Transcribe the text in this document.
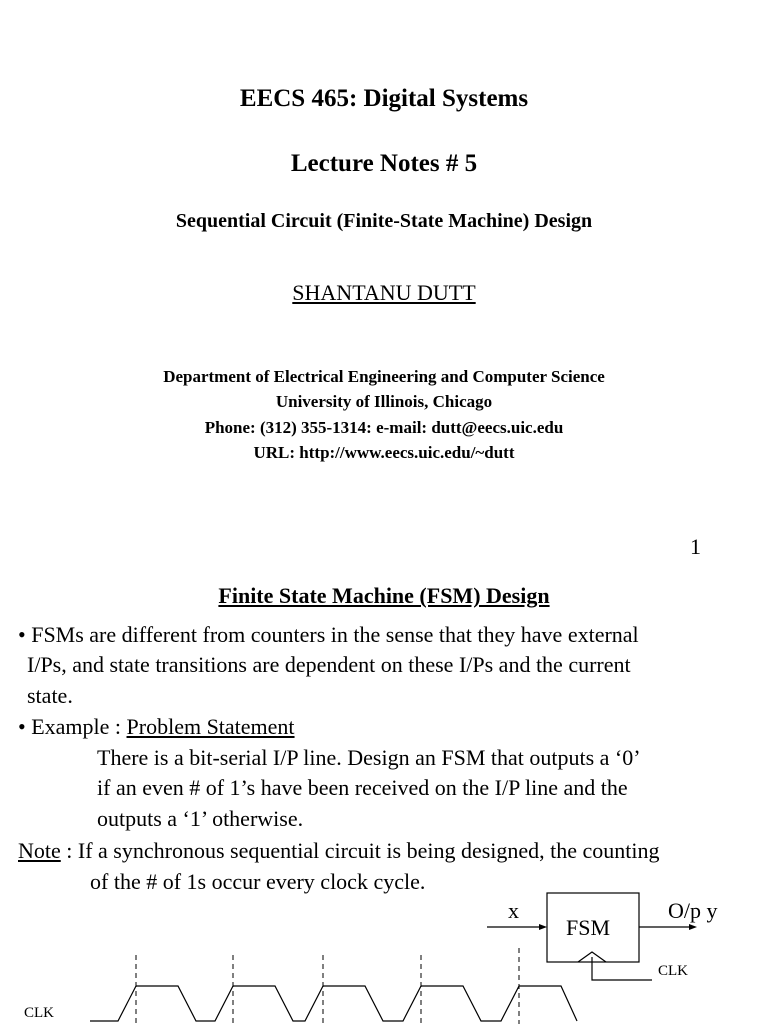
EECS 465: Digital Systems
Lecture Notes # 5
Sequential Circuit (Finite-State Machine) Design
SHANTANU DUTT
Department of Electrical Engineering and Computer Science
University of Illinois, Chicago
Phone: (312) 355-1314: e-mail: dutt@eecs.uic.edu
URL: http://www.eecs.uic.edu/~dutt
1
Finite State Machine (FSM) Design
• FSMs are different from counters in the sense that they have external
I/Ps, and state transitions are dependent on these I/Ps and the current
state.
• Example : Problem Statement
There is a bit-serial I/P line. Design an FSM that outputs a ‘0’
if an even # of 1’s have been received on the I/P line and the
outputs a ‘1’ otherwise.
Note : If a synchronous sequential circuit is being designed, the counting
of the # of 1s occur every clock cycle.
x
FSM
O/p y
CLK
CLK
